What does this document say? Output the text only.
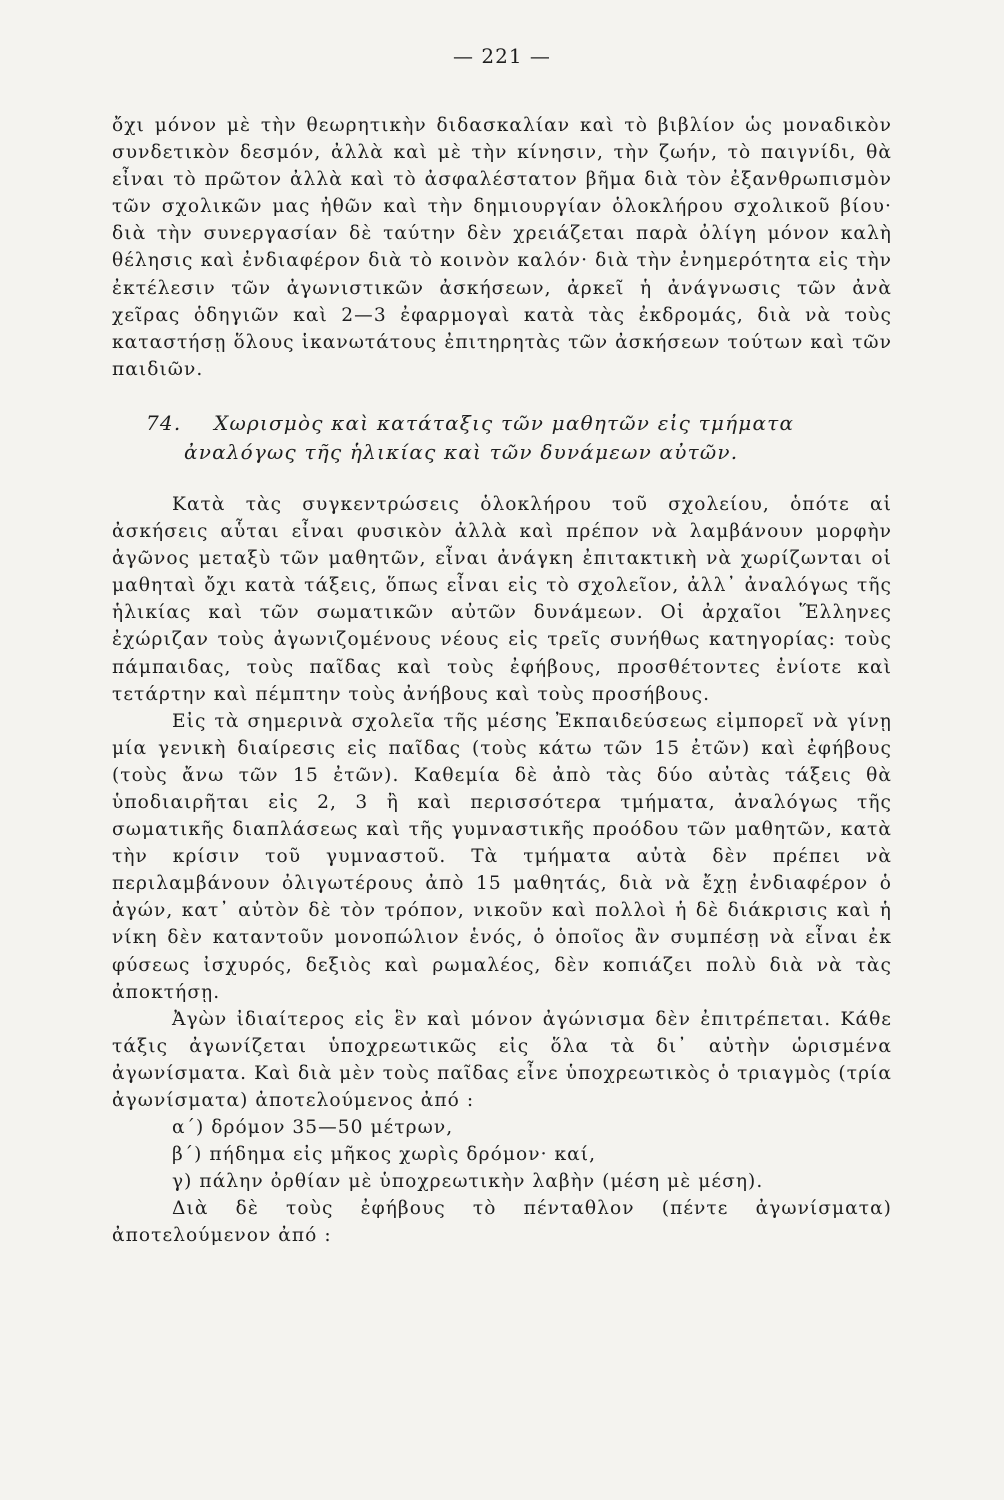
— 221 —

ὄχι μόνον μὲ τὴν θεωρητικὴν διδασκαλίαν καὶ τὸ βιβλίον ὡς μοναδικὸν συνδετικὸν δεσμόν, ἀλλὰ καὶ μὲ τὴν κίνησιν, τὴν ζωήν, τὸ παιγνίδι, θὰ εἶναι τὸ πρῶτον ἀλλὰ καὶ τὸ ἀσφαλέστατον βῆμα διὰ τὸν ἐξανθρωπισμὸν τῶν σχολικῶν μας ἠθῶν καὶ τὴν δημιουργίαν ὁλοκλήρου σχολικοῦ βίου· διὰ τὴν συνεργασίαν δὲ ταύτην δὲν χρειάζεται παρὰ ὀλίγη μόνον καλὴ θέλησις καὶ ἐνδιαφέρον διὰ τὸ κοινὸν καλόν· διὰ τὴν ἐνημερότητα εἰς τὴν ἐκτέλεσιν τῶν ἀγωνιστικῶν ἀσκήσεων, ἀρκεῖ ἡ ἀνάγνωσις τῶν ἀνὰ χεῖρας ὁδηγιῶν καὶ 2—3 ἐφαρμογαὶ κατὰ τὰς ἐκδρομάς, διὰ νὰ τοὺς καταστήσῃ ὅλους ἱκανωτάτους ἐπιτηρητὰς τῶν ἀσκήσεων τούτων καὶ τῶν παιδιῶν.

74. Χωρισμὸς καὶ κατάταξις τῶν μαθητῶν εἰς τμήματα
ἀναλόγως τῆς ἡλικίας καὶ τῶν δυνάμεων αὐτῶν.

Κατὰ τὰς συγκεντρώσεις ὁλοκλήρου τοῦ σχολείου, ὁπότε αἱ ἀσκήσεις αὗται εἶναι φυσικὸν ἀλλὰ καὶ πρέπον νὰ λαμβάνουν μορφὴν ἀγῶνος μεταξὺ τῶν μαθητῶν, εἶναι ἀνάγκη ἐπιτακτικὴ νὰ χωρίζωνται οἱ μαθηταὶ ὄχι κατὰ τάξεις, ὅπως εἶναι εἰς τὸ σχολεῖον, ἀλλ᾿ ἀναλόγως τῆς ἡλικίας καὶ τῶν σωματικῶν αὐτῶν δυνάμεων. Οἱ ἀρχαῖοι Ἕλληνες ἐχώριζαν τοὺς ἀγωνιζομένους νέους εἰς τρεῖς συνήθως κατηγορίας: τοὺς πάμπαιδας, τοὺς παῖδας καὶ τοὺς ἐφήβους, προσθέτοντες ἐνίοτε καὶ τετάρτην καὶ πέμπτην τοὺς ἀνήβους καὶ τοὺς προσήβους.

Εἰς τὰ σημερινὰ σχολεῖα τῆς μέσης Ἐκπαιδεύσεως εἰμπορεῖ νὰ γίνῃ μία γενικὴ διαίρεσις εἰς παῖδας (τοὺς κάτω τῶν 15 ἐτῶν) καὶ ἐφήβους (τοὺς ἄνω τῶν 15 ἐτῶν). Καθεμία δὲ ἀπὸ τὰς δύο αὐτὰς τάξεις θὰ ὑποδιαιρῆται εἰς 2, 3 ἢ καὶ περισσότερα τμήματα, ἀναλόγως τῆς σωματικῆς διαπλάσεως καὶ τῆς γυμναστικῆς προόδου τῶν μαθητῶν, κατὰ τὴν κρίσιν τοῦ γυμναστοῦ. Τὰ τμήματα αὐτὰ δὲν πρέπει νὰ περιλαμβάνουν ὀλιγωτέρους ἀπὸ 15 μαθητάς, διὰ νὰ ἔχῃ ἐνδιαφέρον ὁ ἀγών, κατ᾿ αὐτὸν δὲ τὸν τρόπον, νικοῦν καὶ πολλοὶ ἡ δὲ διάκρισις καὶ ἡ νίκη δὲν καταντοῦν μονοπώλιον ἑνός, ὁ ὁποῖος ἂν συμπέσῃ νὰ εἶναι ἐκ φύσεως ἰσχυρός, δεξιὸς καὶ ρωμαλέος, δὲν κοπιάζει πολὺ διὰ νὰ τὰς ἀποκτήσῃ.

Ἀγὼν ἰδιαίτερος εἰς ἓν καὶ μόνον ἀγώνισμα δὲν ἐπιτρέπεται. Κάθε τάξις ἀγωνίζεται ὑποχρεωτικῶς εἰς ὅλα τὰ δι᾿ αὐτὴν ὡρισμένα ἀγωνίσματα. Καὶ διὰ μὲν τοὺς παῖδας εἶνε ὑποχρεωτικὸς ὁ τριαγμὸς (τρία ἀγωνίσματα) ἀποτελούμενος ἀπό :

α΄) δρόμον 35—50 μέτρων,
β΄) πήδημα εἰς μῆκος χωρὶς δρόμον· καί,
γ) πάλην ὀρθίαν μὲ ὑποχρεωτικὴν λαβὴν (μέση μὲ μέση).

Διὰ δὲ τοὺς ἐφήβους τὸ πένταθλον (πέντε ἀγωνίσματα) ἀποτελούμενον ἀπό :
